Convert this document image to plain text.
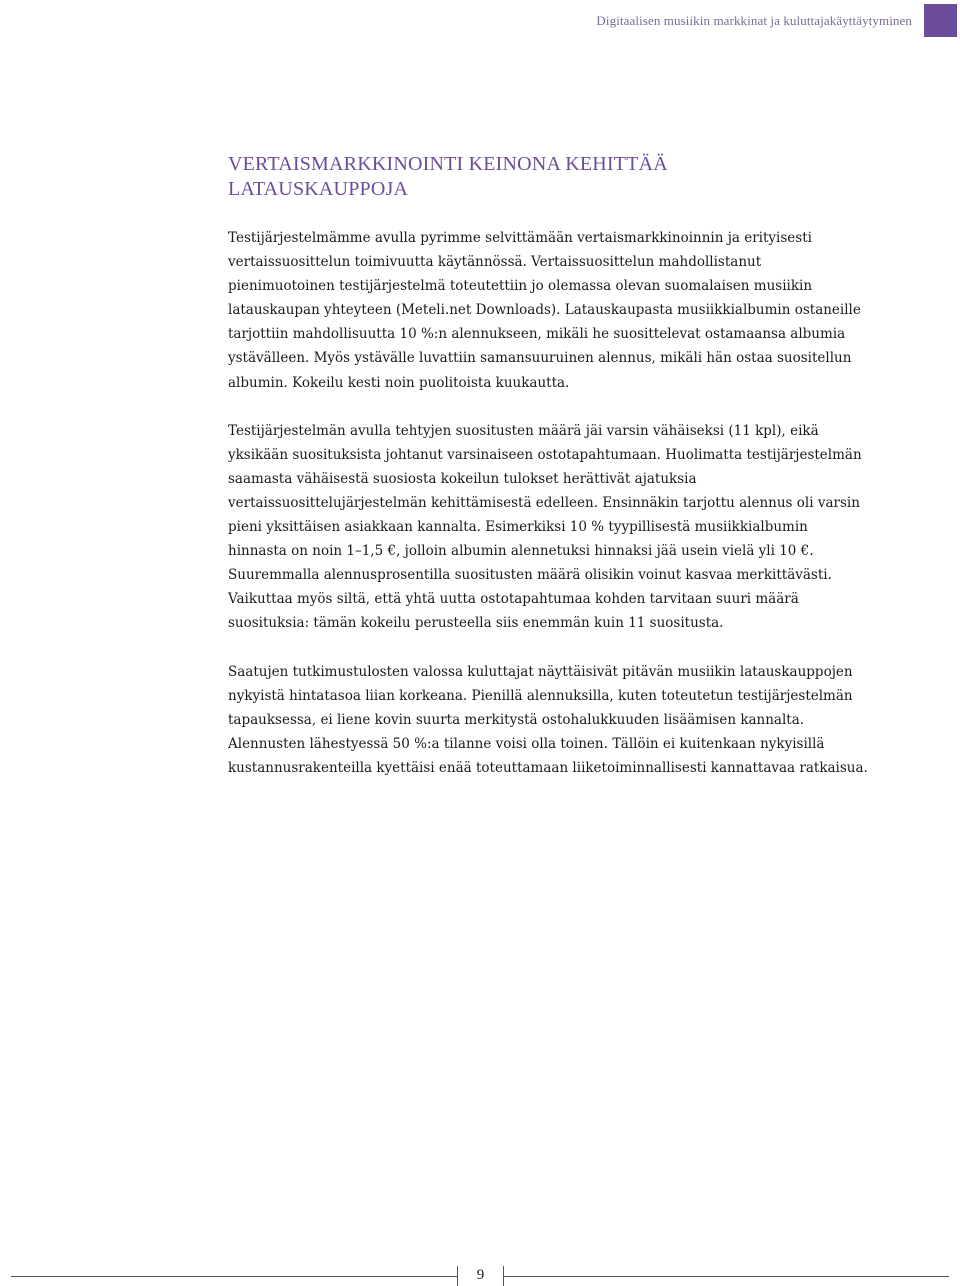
Digitaalisen musiikin markkinat ja kuluttajakäyttäytyminen
VERTAISMARKKINOINTI KEINONA KEHITTÄÄ
LATAUSKAUPPOJA

Testijärjestelmämme avulla pyrimme selvittämään vertaismarkkinoinnin ja erityisesti vertaissuosittelun toimivuutta käytännössä. Vertaissuosittelun mahdollistanut pienimuotoinen testijärjestelmä toteutettiin jo olemassa olevan suomalaisen musiikin latauskaupan yhteyteen (Meteli.net Downloads). Latauskaupasta musiikkialbumin ostaneille tarjottiin mahdollisuutta 10 %:n alennukseen, mikäli he suosittelevat ostamaansa albumia ystävälleen. Myös ystävälle luvattiin samansuuruinen alennus, mikäli hän ostaa suositellun albumin. Kokeilu kesti noin puolitoista kuukautta.

Testijärjestelmän avulla tehtyjen suositusten määrä jäi varsin vähäiseksi (11 kpl), eikä yksikään suosituksista johtanut varsinaiseen ostotapahtumaan. Huolimatta testijärjestelmän saamasta vähäisestä suosiosta kokeilun tulokset herättivät ajatuksia vertaissuosittelujärjestelmän kehittämisestä edelleen. Ensinnäkin tarjottu alennus oli varsin pieni yksittäisen asiakkaan kannalta. Esimerkiksi 10 % tyypillisestä musiikkialbumin hinnasta on noin 1–1,5 €, jolloin albumin alennetuksi hinnaksi jää usein vielä yli 10 €. Suuremmalla alennusprosentilla suositusten määrä olisikin voinut kasvaa merkittävästi. Vaikuttaa myös siltä, että yhtä uutta ostotapahtumaa kohden tarvitaan suuri määrä suosituksia: tämän kokeilu perusteella siis enemmän kuin 11 suositusta.

Saatujen tutkimustulosten valossa kuluttajat näyttäisivät pitävän musiikin latauskauppojen nykyistä hintatasoa liian korkeana. Pienillä alennuksilla, kuten toteutetun testijärjestelmän tapauksessa, ei liene kovin suurta merkitystä ostohalukkuuden lisäämisen kannalta. Alennusten lähestyessä 50 %:a tilanne voisi olla toinen. Tällöin ei kuitenkaan nykyisillä kustannusrakenteilla kyettäisi enää toteuttamaan liiketoiminnallisesti kannattavaa ratkaisua.

9
